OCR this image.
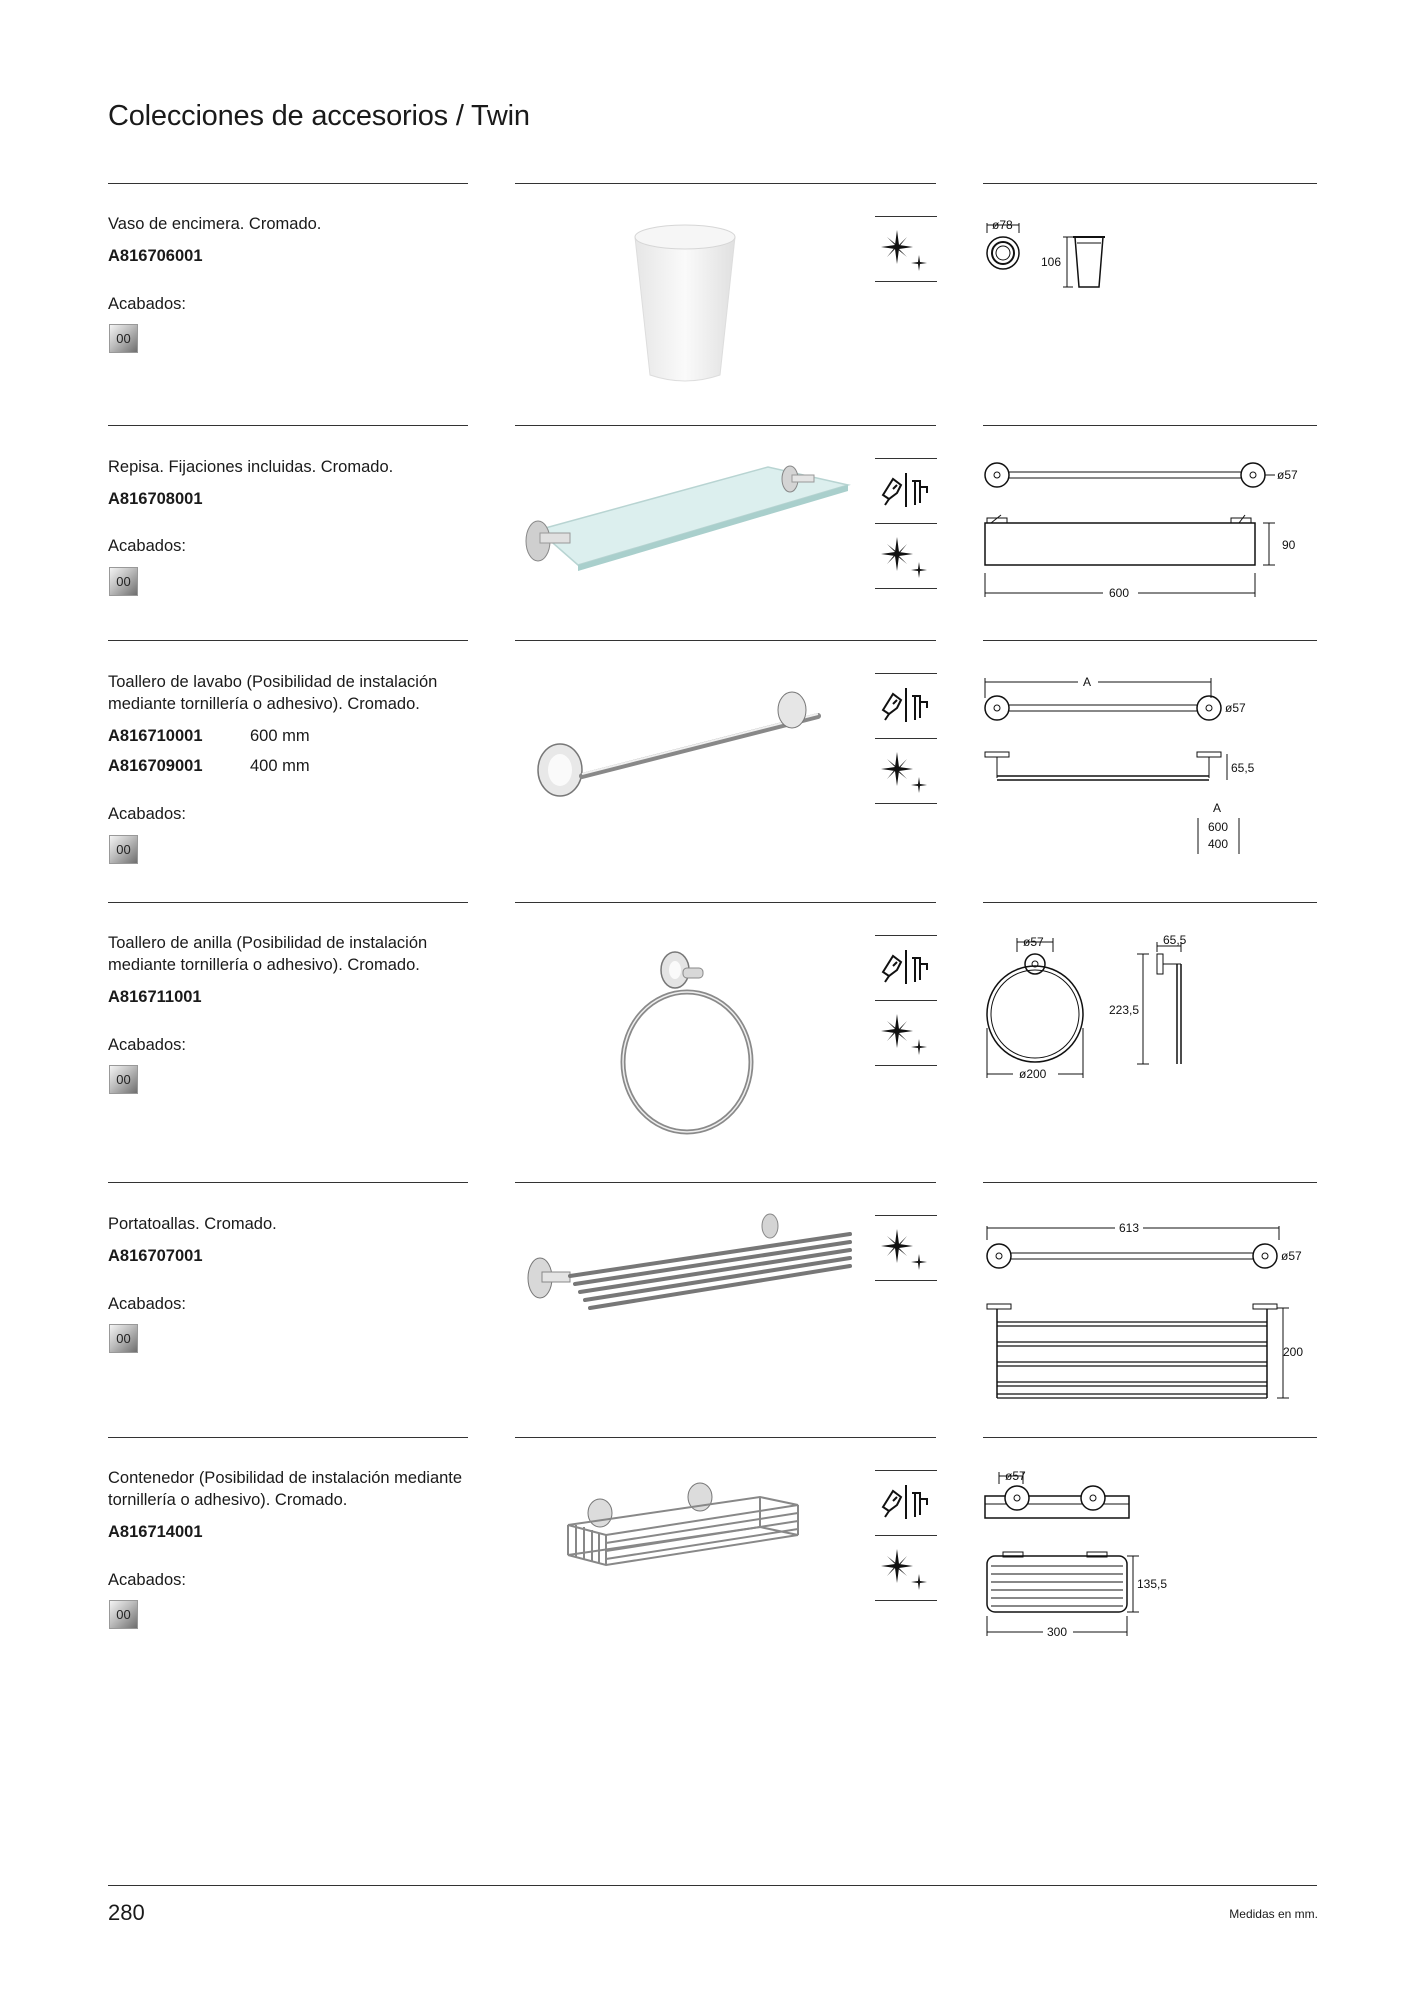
Colecciones de accesorios / Twin
Vaso de encimera. Cromado.
A816706001
Acabados:
00
ø78
106
Repisa. Fijaciones incluidas. Cromado.
A816708001
Acabados:
00
ø57
90
600
Toallero de lavabo (Posibilidad de instalación mediante tornillería o adhesivo). Cromado.
A816710001	600 mm
A816709001	400 mm
Acabados:
00
A
ø57
65,5
A
600
400
Toallero de anilla (Posibilidad de instalación mediante tornillería o adhesivo). Cromado.
A816711001
Acabados:
00
ø57
ø200
65,5
223,5
Portatoallas. Cromado.
A816707001
Acabados:
00
613
ø57
200
Contenedor (Posibilidad de instalación mediante tornillería o adhesivo). Cromado.
A816714001
Acabados:
00
ø57
135,5
300
280	Medidas en mm.
